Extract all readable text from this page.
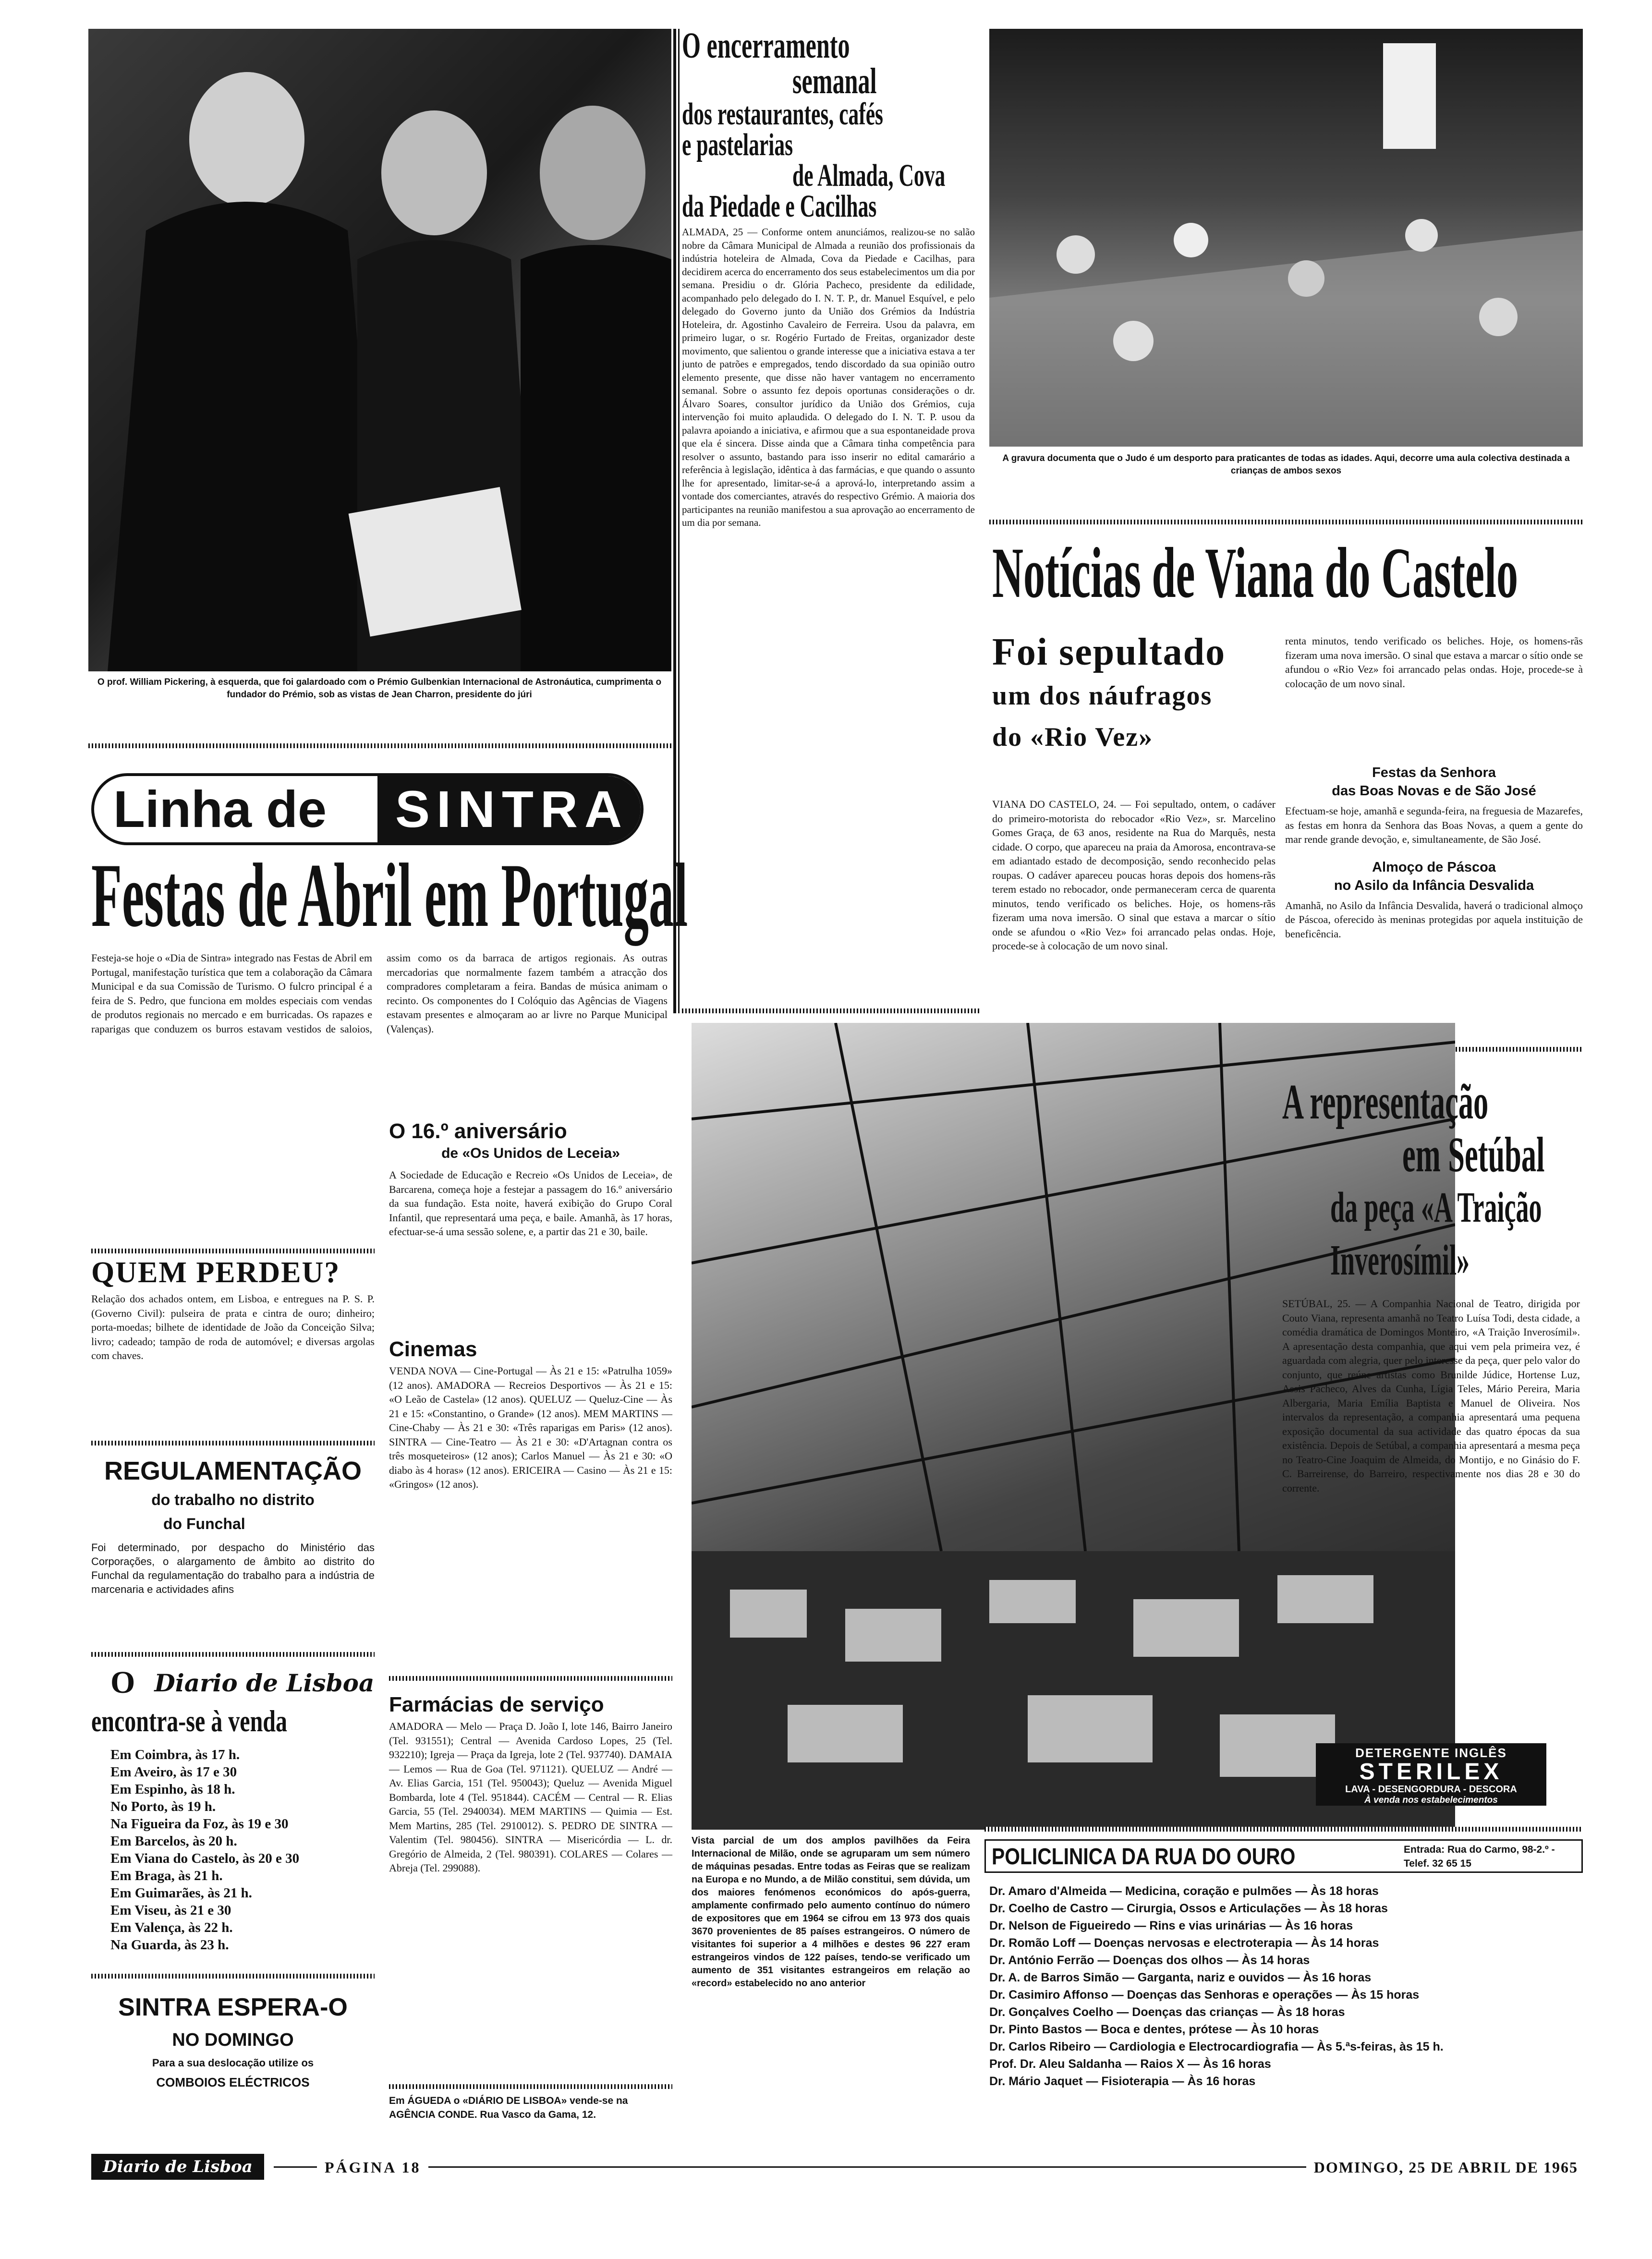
O prof. William Pickering, à esquerda, que foi galardoado com o Prémio Gulbenkian Internacional de Astronáutica, cumprimenta o fundador do Prémio, sob as vistas de Jean Charron, presidente do júri
O encerramento
semanal
dos restaurantes, cafés
e pastelarias
de Almada, Cova
da Piedade e Cacilhas
ALMADA, 25 — Conforme ontem anunciámos, realizou-se no salão nobre da Câmara Municipal de Almada a reunião dos profissionais da indústria hoteleira de Almada, Cova da Piedade e Cacilhas, para decidirem acerca do encerramento dos seus estabelecimentos um dia por semana. Presidiu o dr. Glória Pacheco, presidente da edilidade, acompanhado pelo delegado do I. N. T. P., dr. Manuel Esquível, e pelo delegado do Governo junto da União dos Grémios da Indústria Hoteleira, dr. Agostinho Cavaleiro de Ferreira. Usou da palavra, em primeiro lugar, o sr. Rogério Furtado de Freitas, organizador deste movimento, que salientou o grande interesse que a iniciativa estava a ter junto de patrões e empregados, tendo discordado da sua opinião outro elemento presente, que disse não haver vantagem no encerramento semanal. Sobre o assunto fez depois oportunas considerações o dr. Álvaro Soares, consultor jurídico da União dos Grémios, cuja intervenção foi muito aplaudida. O delegado do I. N. T. P. usou da palavra apoiando a iniciativa, e afirmou que a sua espontaneidade prova que ela é sincera. Disse ainda que a Câmara tinha competência para resolver o assunto, bastando para isso inserir no edital camarário a referência à legislação, idêntica à das farmácias, e que quando o assunto lhe for apresentado, limitar-se-á a aprová-lo, interpretando assim a vontade dos comerciantes, através do respectivo Grémio. A maioria dos participantes na reunião manifestou a sua aprovação ao encerramento de um dia por semana.
A gravura documenta que o Judo é um desporto para praticantes de todas as idades. Aqui, decorre uma aula colectiva destinada a crianças de ambos sexos
Notícias de Viana do Castelo
Foi sepultado
um dos náufragos
do «Rio Vez»
VIANA DO CASTELO, 24. — Foi sepultado, ontem, o cadáver do primeiro-motorista do rebocador «Rio Vez», sr. Marcelino Gomes Graça, de 63 anos, residente na Rua do Marquês, nesta cidade. O corpo, que apareceu na praia da Amorosa, encontrava-se em adiantado estado de decomposição, sendo reconhecido pelas roupas. O cadáver apareceu poucas horas depois dos homens-rãs terem estado no rebocador, onde permaneceram cerca de quarenta minutos, tendo verificado os beliches. Hoje, os homens-rãs fizeram uma nova imersão. O sinal que estava a marcar o sítio onde se afundou o «Rio Vez» foi arrancado pelas ondas. Hoje, procede-se à colocação de um novo sinal.
renta minutos, tendo verificado os beliches. Hoje, os homens-rãs fizeram uma nova imersão. O sinal que estava a marcar o sítio onde se afundou o «Rio Vez» foi arrancado pelas ondas. Hoje, procede-se à colocação de um novo sinal.
Festas da Senhora
das Boas Novas e de São José
Efectuam-se hoje, amanhã e segunda-feira, na freguesia de Mazarefes, as festas em honra da Senhora das Boas Novas, a quem a gente do mar rende grande devoção, e, simultaneamente, de São José.
Almoço de Páscoa
no Asilo da Infância Desvalida
Amanhã, no Asilo da Infância Desvalida, haverá o tradicional almoço de Páscoa, oferecido às meninas protegidas por aquela instituição de beneficência.
Linha de	SINTRA
Festas de Abril em Portugal
Festeja-se hoje o «Dia de Sintra» integrado nas Festas de Abril em Portugal, manifestação turística que tem a colaboração da Câmara Municipal e da sua Comissão de Turismo. O fulcro principal é a feira de S. Pedro, que funciona em moldes especiais com vendas de produtos regionais no mercado e em burricadas. Os rapazes e raparigas que conduzem os burros estavam vestidos de saloios, assim como os da barraca de artigos regionais. As outras mercadorias que normalmente fazem também a atracção dos compradores completaram a feira. Bandas de música animam o recinto. Os componentes do I Colóquio das Agências de Viagens estavam presentes e almoçaram ao ar livre no Parque Municipal (Valenças).
O 16.º aniversário
de «Os Unidos de Leceia»
A Sociedade de Educação e Recreio «Os Unidos de Leceia», de Barcarena, começa hoje a festejar a passagem do 16.º aniversário da sua fundação. Esta noite, haverá exibição do Grupo Coral Infantil, que representará uma peça, e baile. Amanhã, às 17 horas, efectuar-se-á uma sessão solene, e, a partir das 21 e 30, baile.
QUEM PERDEU?
Relação dos achados ontem, em Lisboa, e entregues na P. S. P. (Governo Civil): pulseira de prata e cintra de ouro; dinheiro; porta-moedas; bilhete de identidade de João da Conceição Silva; livro; cadeado; tampão de roda de automóvel; e diversas argolas com chaves.
REGULAMENTAÇÃO
do trabalho no distrito
do Funchal
Foi determinado, por despacho do Ministério das Corporações, o alargamento de âmbito ao distrito do Funchal da regulamentação do trabalho para a indústria de marcenaria e actividades afins
O Diario de Lisboa
encontra-se à venda
Em Coimbra, às 17 h.
Em Aveiro, às 17 e 30
Em Espinho, às 18 h.
No Porto, às 19 h.
Na Figueira da Foz, às 19 e 30
Em Barcelos, às 20 h.
Em Viana do Castelo, às 20 e 30
Em Braga, às 21 h.
Em Guimarães, às 21 h.
Em Viseu, às 21 e 30
Em Valença, às 22 h.
Na Guarda, às 23 h.
SINTRA ESPERA-O
NO DOMINGO
Para a sua deslocação utilize os
COMBOIOS ELÉCTRICOS
Cinemas
VENDA NOVA — Cine-Portugal — Às 21 e 15: «Patrulha 1059» (12 anos). AMADORA — Recreios Desportivos — Às 21 e 15: «O Leão de Castela» (12 anos). QUELUZ — Queluz-Cine — Às 21 e 15: «Constantino, o Grande» (12 anos). MEM MARTINS — Cine-Chaby — Às 21 e 30: «Três raparigas em Paris» (12 anos). SINTRA — Cine-Teatro — Às 21 e 30: «D'Artagnan contra os três mosqueteiros» (12 anos); Carlos Manuel — Às 21 e 30: «O diabo às 4 horas» (12 anos). ERICEIRA — Casino — Às 21 e 15: «Gringos» (12 anos).
Farmácias de serviço
AMADORA — Melo — Praça D. João I, lote 146, Bairro Janeiro (Tel. 931551); Central — Avenida Cardoso Lopes, 25 (Tel. 932210); Igreja — Praça da Igreja, lote 2 (Tel. 937740). DAMAIA — Lemos — Rua de Goa (Tel. 971121). QUELUZ — André — Av. Elias Garcia, 151 (Tel. 950043); Queluz — Avenida Miguel Bombarda, lote 4 (Tel. 951844). CACÉM — Central — R. Elias Garcia, 55 (Tel. 2940034). MEM MARTINS — Quimia — Est. Mem Martins, 285 (Tel. 2910012). S. PEDRO DE SINTRA — Valentim (Tel. 980456). SINTRA — Misericórdia — L. dr. Gregório de Almeida, 2 (Tel. 980391). COLARES — Colares — Abreja (Tel. 299088).
Em ÁGUEDA o «DIÁRIO DE LISBOA» vende-se na AGÊNCIA CONDE. Rua Vasco da Gama, 12.
Vista parcial de um dos amplos pavilhões da Feira Internacional de Milão, onde se agruparam um sem número de máquinas pesadas. Entre todas as Feiras que se realizam na Europa e no Mundo, a de Milão constitui, sem dúvida, um dos maiores fenómenos económicos do após-guerra, amplamente confirmado pelo aumento contínuo do número de expositores que em 1964 se cifrou em 13 973 dos quais 3670 provenientes de 85 países estrangeiros. O número de visitantes foi superior a 4 milhões e destes 96 227 eram estrangeiros vindos de 122 países, tendo-se verificado um aumento de 351 visitantes estrangeiros em relação ao «record» estabelecido no ano anterior
A representação
em Setúbal
da peça «A Traição
Inverosímil»
SETÚBAL, 25. — A Companhia Nacional de Teatro, dirigida por Couto Viana, representa amanhã no Teatro Luísa Todi, desta cidade, a comédia dramática de Domingos Monteiro, «A Traição Inverosímil». A apresentação desta companhia, que aqui vem pela primeira vez, é aguardada com alegria, quer pelo interesse da peça, quer pelo valor do conjunto, que reúne artistas como Brunilde Júdice, Hortense Luz, Assis Pacheco, Alves da Cunha, Lígia Teles, Mário Pereira, Maria Albergaria, Maria Emília Baptista e Manuel de Oliveira. Nos intervalos da representação, a companhia apresentará uma pequena exposição documental da sua actividade das quatro épocas da sua existência. Depois de Setúbal, a companhia apresentará a mesma peça no Teatro-Cine Joaquim de Almeida, do Montijo, e no Ginásio do F. C. Barreirense, do Barreiro, respectivamente nos dias 28 e 30 do corrente.
DETERGENTE INGLÊS
STERILEX
LAVA - DESENGORDURA - DESCORA
À venda nos estabelecimentos
POLICLINICA DA RUA DO OURO	Entrada: Rua do Carmo, 98-2.º - Telef. 32 65 15
Dr. Amaro d'Almeida — Medicina, coração e pulmões — Às 18 horas
Dr. Coelho de Castro — Cirurgia, Ossos e Articulações — Às 18 horas
Dr. Nelson de Figueiredo — Rins e vias urinárias — Às 16 horas
Dr. Romão Loff — Doenças nervosas e electroterapia — Às 14 horas
Dr. António Ferrão — Doenças dos olhos — Às 14 horas
Dr. A. de Barros Simão — Garganta, nariz e ouvidos — Às 16 horas
Dr. Casimiro Affonso — Doenças das Senhoras e operações — Às 15 horas
Dr. Gonçalves Coelho — Doenças das crianças — Às 18 horas
Dr. Pinto Bastos — Boca e dentes, prótese — Às 10 horas
Dr. Carlos Ribeiro — Cardiologia e Electrocardiografia — Às 5.ªs-feiras, às 15 h.
Prof. Dr. Aleu Saldanha — Raios X — Às 16 horas
Dr. Mário Jaquet — Fisioterapia — Às 16 horas
Diario de Lisboa	PÁGINA 18	DOMINGO, 25 DE ABRIL DE 1965
